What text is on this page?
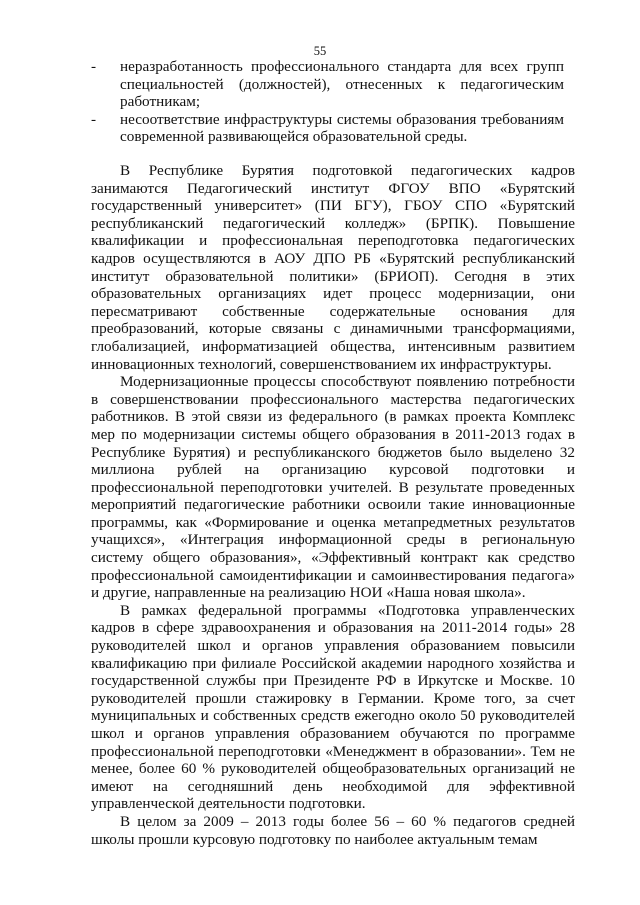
55
- неразработанность профессионального стандарта для всех групп специальностей (должностей), отнесенных к педагогическим работникам;
- несоответствие инфраструктуры системы образования требованиям современной развивающейся образовательной среды.

В Республике Бурятия подготовкой педагогических кадров занимаются Педагогический институт ФГОУ ВПО «Бурятский государственный университет» (ПИ БГУ), ГБОУ СПО «Бурятский республиканский педагогический колледж» (БРПК). Повышение квалификации и профессиональная переподготовка педагогических кадров осуществляются в АОУ ДПО РБ «Бурятский республиканский институт образовательной политики» (БРИОП). Сегодня в этих образовательных организациях идет процесс модернизации, они пересматривают собственные содержательные основания для преобразований, которые связаны с динамичными трансформациями, глобализацией, информатизацией общества, интенсивным развитием инновационных технологий, совершенствованием их инфраструктуры.

Модернизационные процессы способствуют появлению потребности в совершенствовании профессионального мастерства педагогических работников. В этой связи из федерального (в рамках проекта Комплекс мер по модернизации системы общего образования в 2011-2013 годах в Республике Бурятия) и республиканского бюджетов было выделено 32 миллиона рублей на организацию курсовой подготовки и профессиональной переподготовки учителей. В результате проведенных мероприятий педагогические работники освоили такие инновационные программы, как «Формирование и оценка метапредметных результатов учащихся», «Интеграция информационной среды в региональную систему общего образования», «Эффективный контракт как средство профессиональной самоидентификации и самоинвестирования педагога» и другие, направленные на реализацию НОИ «Наша новая школа».

В рамках федеральной программы «Подготовка управленческих кадров в сфере здравоохранения и образования на 2011-2014 годы» 28 руководителей школ и органов управления образованием повысили квалификацию при филиале Российской академии народного хозяйства и государственной службы при Президенте РФ в Иркутске и Москве. 10 руководителей прошли стажировку в Германии. Кроме того, за счет муниципальных и собственных средств ежегодно около 50 руководителей школ и органов управления образованием обучаются по программе профессиональной переподготовки «Менеджмент в образовании». Тем не менее, более 60 % руководителей общеобразовательных организаций не имеют на сегодняшний день необходимой для эффективной управленческой деятельности подготовки.

В целом за 2009 – 2013 годы более 56 – 60 % педагогов средней школы прошли курсовую подготовку по наиболее актуальным темам
